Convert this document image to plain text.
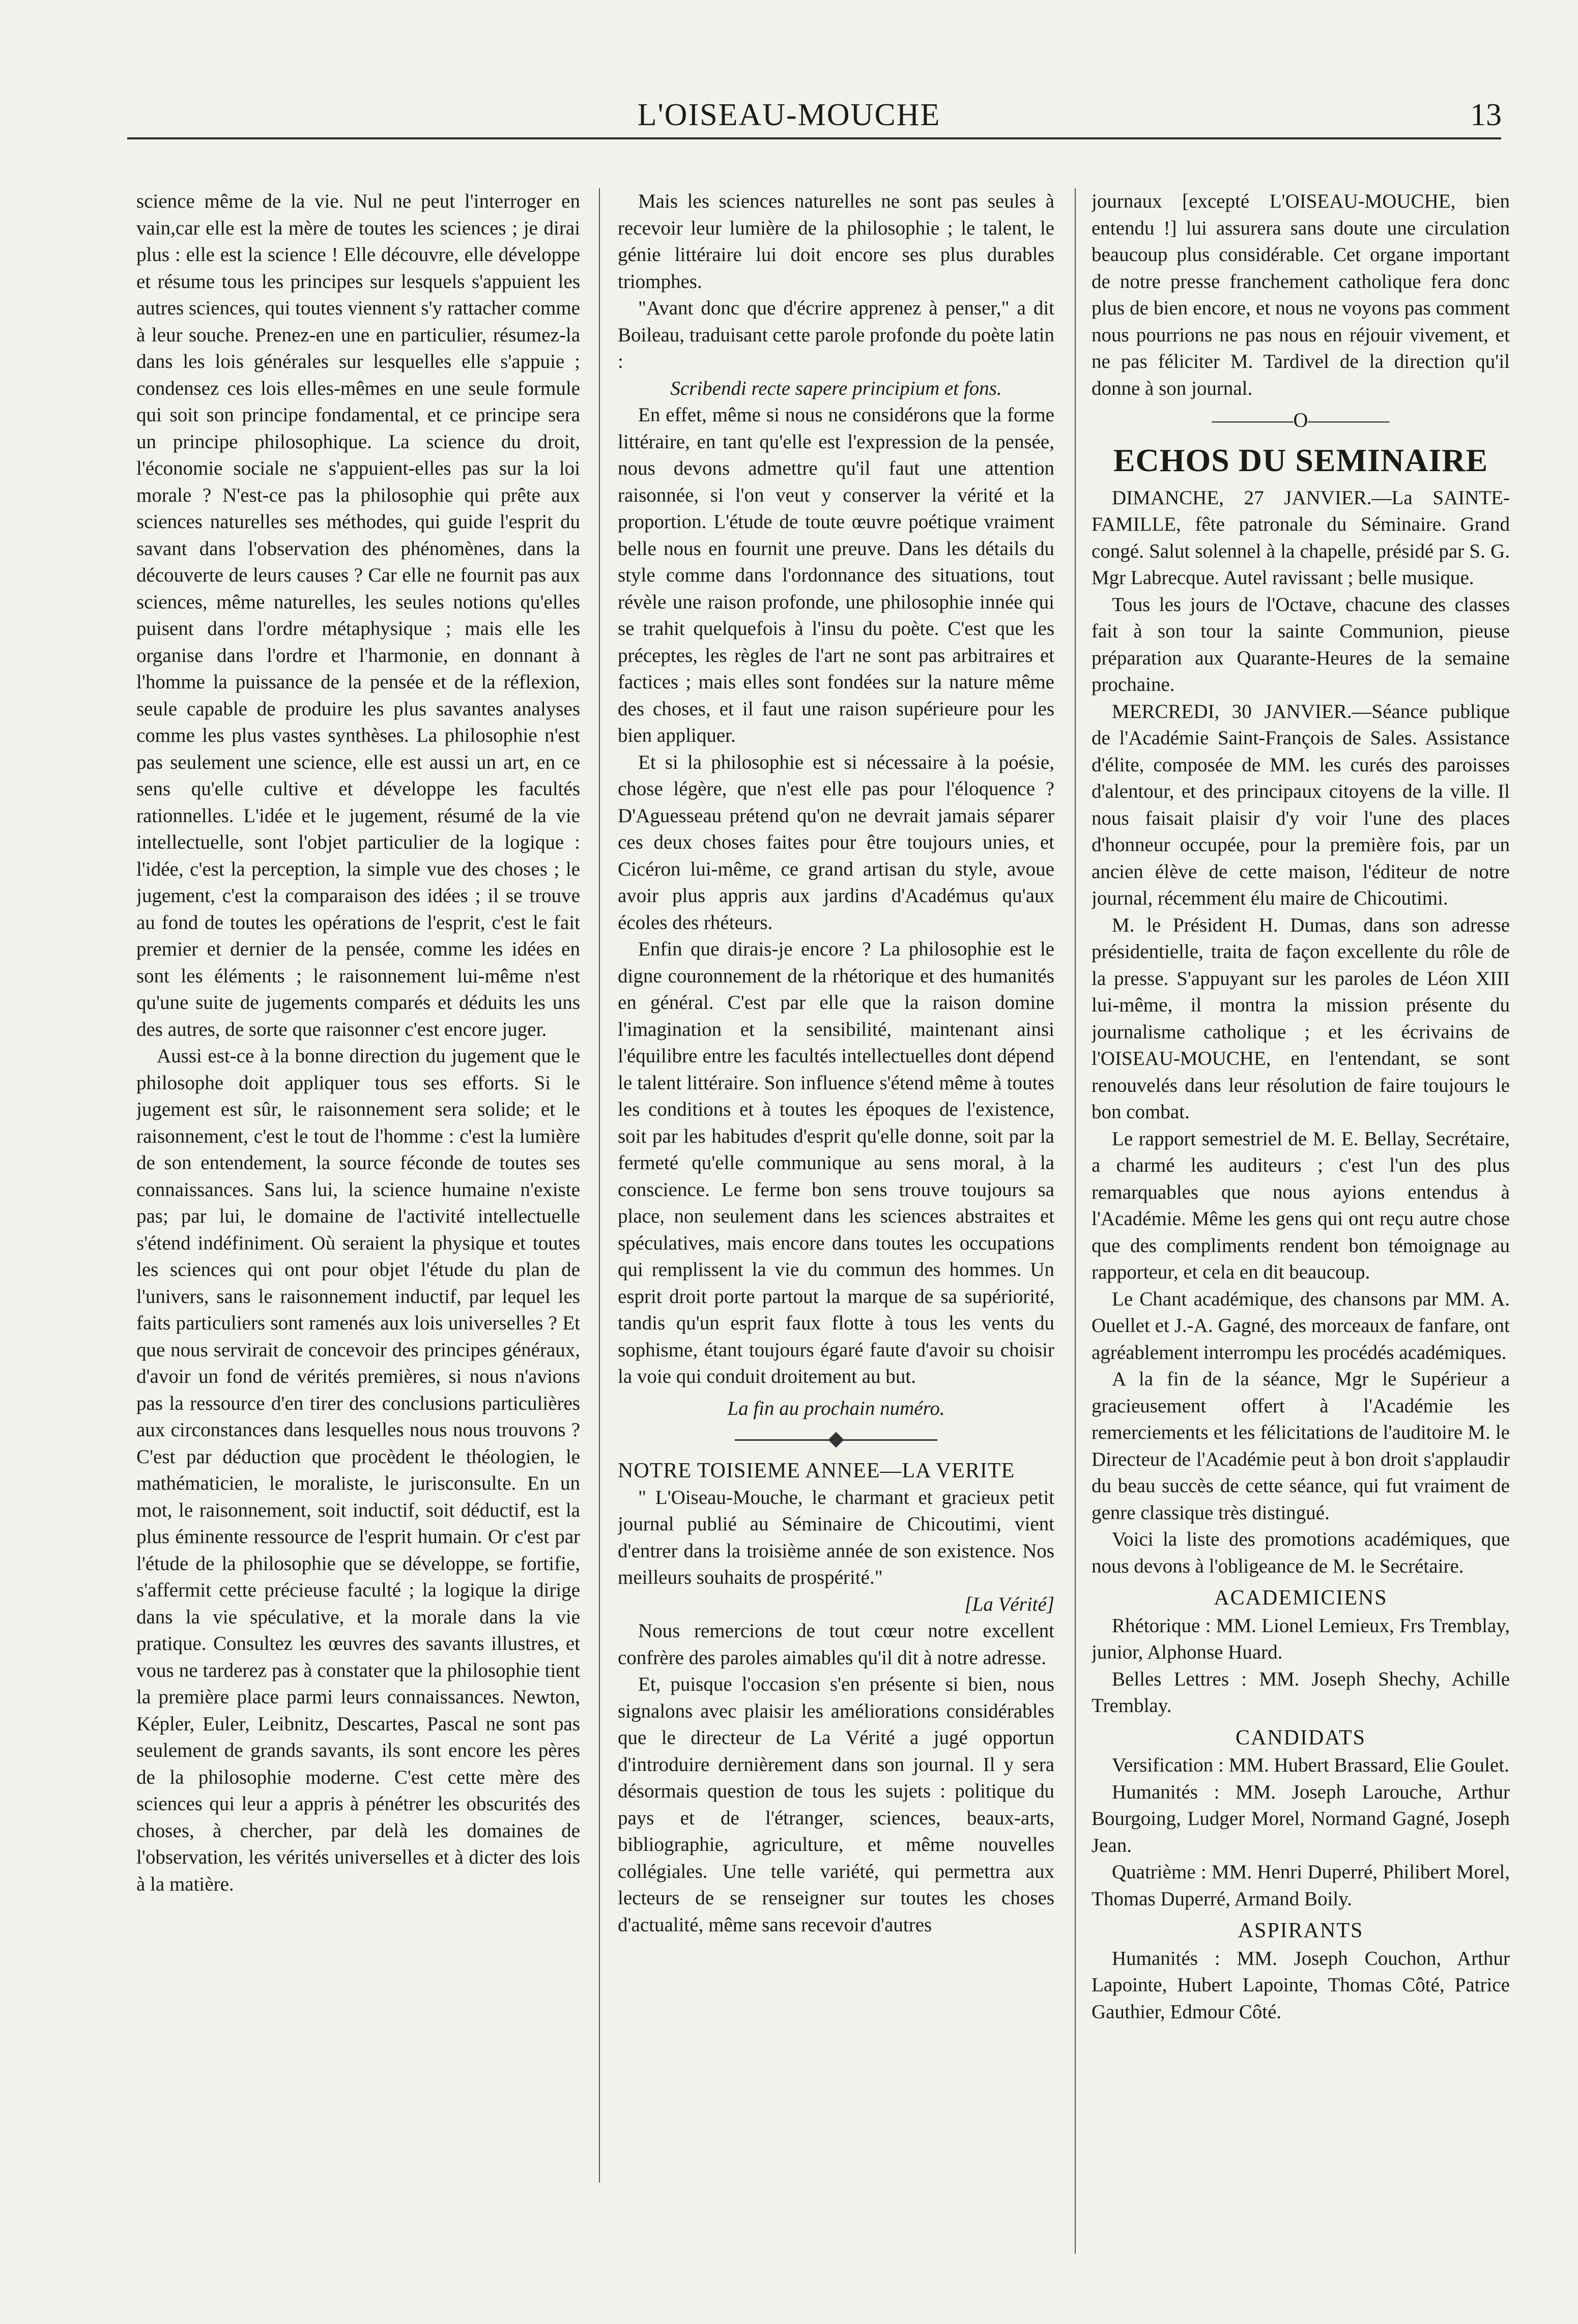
L'OISEAU-MOUCHE	13

science même de la vie. Nul ne peut l'interroger en vain,car elle est la mère de toutes les sciences ; je dirai plus : elle est la science ! Elle découvre, elle développe et résume tous les principes sur lesquels s'appuient les autres sciences, qui toutes viennent s'y rattacher comme à leur souche. Prenez-en une en particulier, résumez-la dans les lois générales sur lesquelles elle s'appuie ; condensez ces lois elles-mêmes en une seule formule qui soit son principe fondamental, et ce principe sera un principe philosophique. La science du droit, l'économie sociale ne s'appuient-elles pas sur la loi morale ? N'est-ce pas la philosophie qui prête aux sciences naturelles ses méthodes, qui guide l'esprit du savant dans l'observation des phénomènes, dans la découverte de leurs causes ? Car elle ne fournit pas aux sciences, même naturelles, les seules notions qu'elles puisent dans l'ordre métaphysique ; mais elle les organise dans l'ordre et l'harmonie, en donnant à l'homme la puissance de la pensée et de la réflexion, seule capable de produire les plus savantes analyses comme les plus vastes synthèses. La philosophie n'est pas seulement une science, elle est aussi un art, en ce sens qu'elle cultive et développe les facultés rationnelles. L'idée et le jugement, résumé de la vie intellectuelle, sont l'objet particulier de la logique : l'idée, c'est la perception, la simple vue des choses ; le jugement, c'est la comparaison des idées ; il se trouve au fond de toutes les opérations de l'esprit, c'est le fait premier et dernier de la pensée, comme les idées en sont les éléments ; le raisonnement lui-même n'est qu'une suite de jugements comparés et déduits les uns des autres, de sorte que raisonner c'est encore juger.

Aussi est-ce à la bonne direction du jugement que le philosophe doit appliquer tous ses efforts. Si le jugement est sûr, le raisonnement sera solide; et le raisonnement, c'est le tout de l'homme : c'est la lumière de son entendement, la source féconde de toutes ses connaissances. Sans lui, la science humaine n'existe pas; par lui, le domaine de l'activité intellectuelle s'étend indéfiniment. Où seraient la physique et toutes les sciences qui ont pour objet l'étude du plan de l'univers, sans le raisonnement inductif, par lequel les faits particuliers sont ramenés aux lois universelles ? Et que nous servirait de concevoir des principes généraux, d'avoir un fond de vérités premières, si nous n'avions pas la ressource d'en tirer des conclusions particulières aux circonstances dans lesquelles nous nous trouvons ? C'est par déduction que procèdent le théologien, le mathématicien, le moraliste, le jurisconsulte. En un mot, le raisonnement, soit inductif, soit déductif, est la plus éminente ressource de l'esprit humain. Or c'est par l'étude de la philosophie que se développe, se fortifie, s'affermit cette précieuse faculté ; la logique la dirige dans la vie spéculative, et la morale dans la vie pratique. Consultez les œuvres des savants illustres, et vous ne tarderez pas à constater que la philosophie tient la première place parmi leurs connaissances. Newton, Képler, Euler, Leibnitz, Descartes, Pascal ne sont pas seulement de grands savants, ils sont encore les pères de la philosophie moderne. C'est cette mère des sciences qui leur a appris à pénétrer les obscurités des choses, à chercher, par delà les domaines de l'observation, les vérités universelles et à dicter des lois à la matière.

Mais les sciences naturelles ne sont pas seules à recevoir leur lumière de la philosophie ; le talent, le génie littéraire lui doit encore ses plus durables triomphes.

"Avant donc que d'écrire apprenez à penser," a dit Boileau, traduisant cette parole profonde du poète latin :

Scribendi recte sapere principium et fons.

En effet, même si nous ne considérons que la forme littéraire, en tant qu'elle est l'expression de la pensée, nous devons admettre qu'il faut une attention raisonnée, si l'on veut y conserver la vérité et la proportion. L'étude de toute œuvre poétique vraiment belle nous en fournit une preuve. Dans les détails du style comme dans l'ordonnance des situations, tout révèle une raison profonde, une philosophie innée qui se trahit quelquefois à l'insu du poète. C'est que les préceptes, les règles de l'art ne sont pas arbitraires et factices ; mais elles sont fondées sur la nature même des choses, et il faut une raison supérieure pour les bien appliquer.

Et si la philosophie est si nécessaire à la poésie, chose légère, que n'est elle pas pour l'éloquence ? D'Aguesseau prétend qu'on ne devrait jamais séparer ces deux choses faites pour être toujours unies, et Cicéron lui-même, ce grand artisan du style, avoue avoir plus appris aux jardins d'Académus qu'aux écoles des rhéteurs.

Enfin que dirais-je encore ? La philosophie est le digne couronnement de la rhétorique et des humanités en général. C'est par elle que la raison domine l'imagination et la sensibilité, maintenant ainsi l'équilibre entre les facultés intellectuelles dont dépend le talent littéraire. Son influence s'étend même à toutes les conditions et à toutes les époques de l'existence, soit par les habitudes d'esprit qu'elle donne, soit par la fermeté qu'elle communique au sens moral, à la conscience. Le ferme bon sens trouve toujours sa place, non seulement dans les sciences abstraites et spéculatives, mais encore dans toutes les occupations qui remplissent la vie du commun des hommes. Un esprit droit porte partout la marque de sa supériorité, tandis qu'un esprit faux flotte à tous les vents du sophisme, étant toujours égaré faute d'avoir su choisir la voie qui conduit droitement au but.

La fin au prochain numéro.

NOTRE TOISIEME ANNEE—LA VERITE

" L'Oiseau-Mouche, le charmant et gracieux petit journal publié au Séminaire de Chicoutimi, vient d'entrer dans la troisième année de son existence. Nos meilleurs souhaits de prospérité."

[La Vérité]

Nous remercions de tout cœur notre excellent confrère des paroles aimables qu'il dit à notre adresse.

Et, puisque l'occasion s'en présente si bien, nous signalons avec plaisir les améliorations considérables que le directeur de La Vérité a jugé opportun d'introduire dernièrement dans son journal. Il y sera désormais question de tous les sujets : politique du pays et de l'étranger, sciences, beaux-arts, bibliographie, agriculture, et même nouvelles collégiales. Une telle variété, qui permettra aux lecteurs de se renseigner sur toutes les choses d'actualité, même sans recevoir d'autres

journaux [excepté L'OISEAU-MOUCHE, bien entendu !] lui assurera sans doute une circulation beaucoup plus considérable. Cet organe important de notre presse franchement catholique fera donc plus de bien encore, et nous ne voyons pas comment nous pourrions ne pas nous en réjouir vivement, et ne pas féliciter M. Tardivel de la direction qu'il donne à son journal.

————O————

ECHOS DU SEMINAIRE

DIMANCHE, 27 JANVIER.—La SAINTE-FAMILLE, fête patronale du Séminaire. Grand congé. Salut solennel à la chapelle, présidé par S. G. Mgr Labrecque. Autel ravissant ; belle musique.

Tous les jours de l'Octave, chacune des classes fait à son tour la sainte Communion, pieuse préparation aux Quarante-Heures de la semaine prochaine.

MERCREDI, 30 JANVIER.—Séance publique de l'Académie Saint-François de Sales. Assistance d'élite, composée de MM. les curés des paroisses d'alentour, et des principaux citoyens de la ville. Il nous faisait plaisir d'y voir l'une des places d'honneur occupée, pour la première fois, par un ancien élève de cette maison, l'éditeur de notre journal, récemment élu maire de Chicoutimi.

M. le Président H. Dumas, dans son adresse présidentielle, traita de façon excellente du rôle de la presse. S'appuyant sur les paroles de Léon XIII lui-même, il montra la mission présente du journalisme catholique ; et les écrivains de l'OISEAU-MOUCHE, en l'entendant, se sont renouvelés dans leur résolution de faire toujours le bon combat.

Le rapport semestriel de M. E. Bellay, Secrétaire, a charmé les auditeurs ; c'est l'un des plus remarquables que nous ayions entendus à l'Académie. Même les gens qui ont reçu autre chose que des compliments rendent bon témoignage au rapporteur, et cela en dit beaucoup.

Le Chant académique, des chansons par MM. A. Ouellet et J.-A. Gagné, des morceaux de fanfare, ont agréablement interrompu les procédés académiques.

A la fin de la séance, Mgr le Supérieur a gracieusement offert à l'Académie les remerciements et les félicitations de l'auditoire M. le Directeur de l'Académie peut à bon droit s'applaudir du beau succès de cette séance, qui fut vraiment de genre classique très distingué.

Voici la liste des promotions académiques, que nous devons à l'obligeance de M. le Secrétaire.

ACADEMICIENS

Rhétorique : MM. Lionel Lemieux, Frs Tremblay, junior, Alphonse Huard.

Belles Lettres : MM. Joseph Shechy, Achille Tremblay.

CANDIDATS

Versification : MM. Hubert Brassard, Elie Goulet.

Humanités : MM. Joseph Larouche, Arthur Bourgoing, Ludger Morel, Normand Gagné, Joseph Jean.

Quatrième : MM. Henri Duperré, Philibert Morel, Thomas Duperré, Armand Boily.

ASPIRANTS

Humanités : MM. Joseph Couchon, Arthur Lapointe, Hubert Lapointe, Thomas Côté, Patrice Gauthier, Edmour Côté.
